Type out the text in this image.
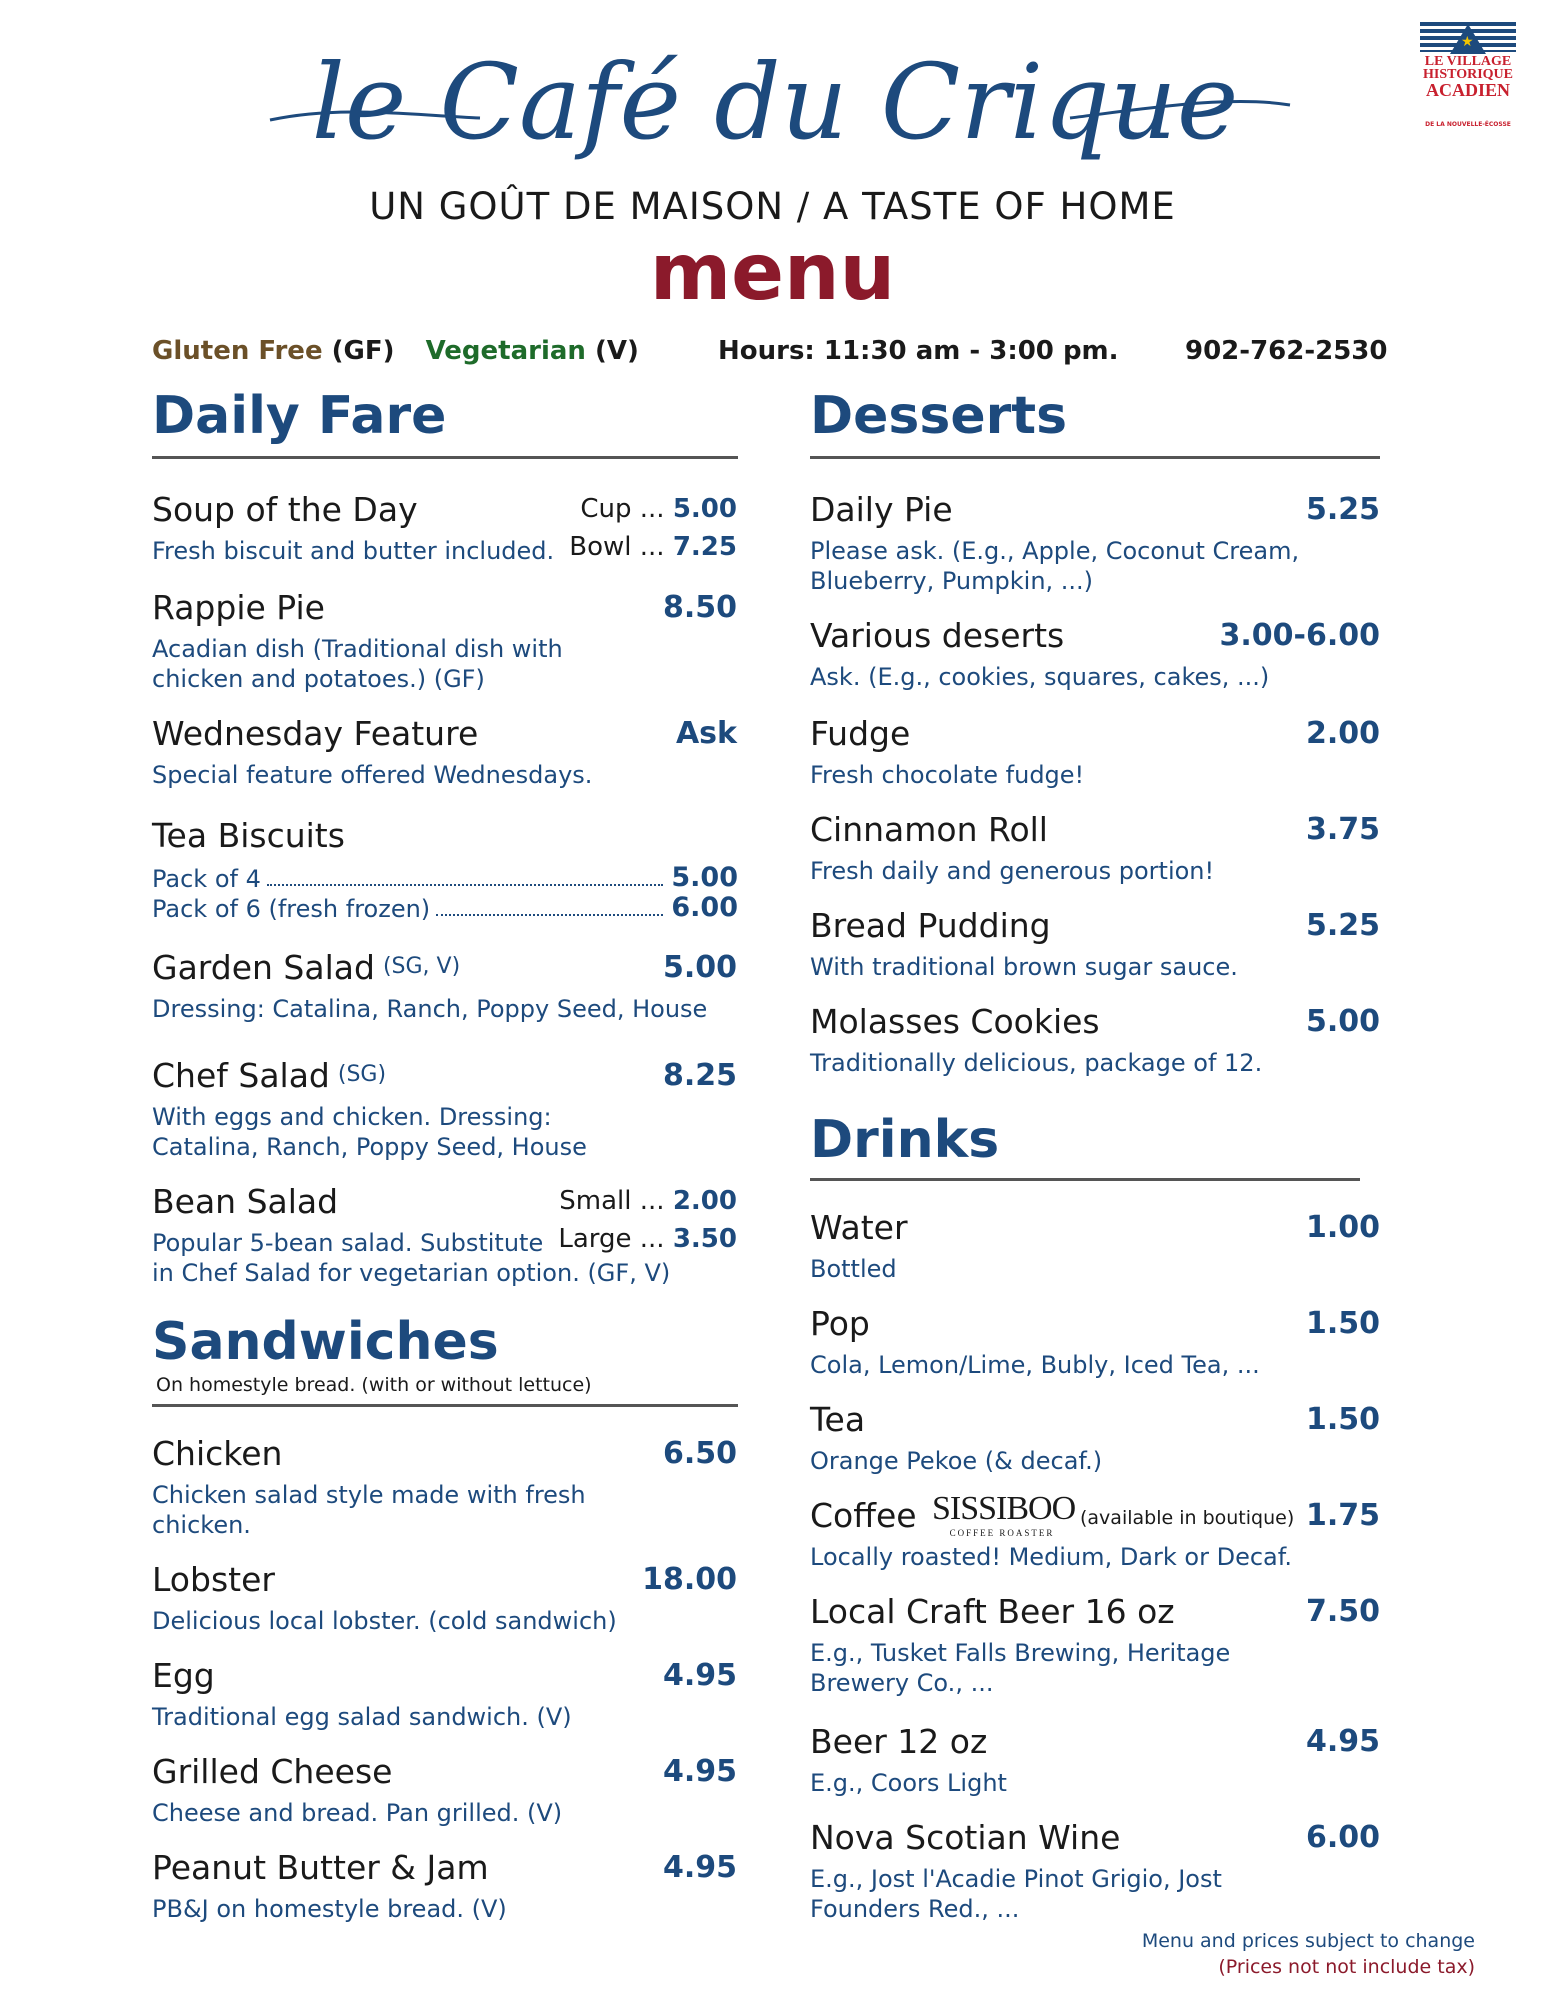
le Café du Crique
UN GOÛT DE MAISON / A TASTE OF HOME
menu
★
LE VILLAGE
HISTORIQUE
ACADIEN
DE LA NOUVELLE-ÉCOSSE
Gluten Free (GF) Vegetarian (V)	Hours: 11:30 am - 3:00 pm.	902-762-2530
Daily Fare
Soup of the Day
Fresh biscuit and butter included.
Cup ... 5.00
Bowl ... 7.25
Rappie Pie	8.50
Acadian dish (Traditional dish with
chicken and potatoes.) (GF)
Wednesday Feature	Ask
Special feature offered Wednesdays.
Tea Biscuits
Pack of 4	5.00
Pack of 6 (fresh frozen)	6.00
Garden Salad (SG, V)	5.00
Dressing: Catalina, Ranch, Poppy Seed, House
Chef Salad (SG)	8.25
With eggs and chicken. Dressing:
Catalina, Ranch, Poppy Seed, House
Bean Salad	Small ... 2.00
Large ... 3.50
Popular 5-bean salad. Substitute
in Chef Salad for vegetarian option. (GF, V)
Sandwiches
On homestyle bread. (with or without lettuce)
Chicken	6.50
Chicken salad style made with fresh
chicken.
Lobster	18.00
Delicious local lobster. (cold sandwich)
Egg	4.95
Traditional egg salad sandwich. (V)
Grilled Cheese	4.95
Cheese and bread. Pan grilled. (V)
Peanut Butter & Jam	4.95
PB&J on homestyle bread. (V)
Desserts
Daily Pie	5.25
Please ask. (E.g., Apple, Coconut Cream,
Blueberry, Pumpkin, ...)
Various deserts	3.00-6.00
Ask. (E.g., cookies, squares, cakes, ...)
Fudge	2.00
Fresh chocolate fudge!
Cinnamon Roll	3.75
Fresh daily and generous portion!
Bread Pudding	5.25
With traditional brown sugar sauce.
Molasses Cookies	5.00
Traditionally delicious, package of 12.
Drinks
Water	1.00
Bottled
Pop	1.50
Cola, Lemon/Lime, Bubly, Iced Tea, ...
Tea	1.50
Orange Pekoe (& decaf.)
Coffee	1.75
Locally roasted! Medium, Dark or Decaf.
Local Craft Beer 16 oz	7.50
E.g., Tusket Falls Brewing, Heritage
Brewery Co., ...
Beer 12 oz	4.95
E.g., Coors Light
Nova Scotian Wine	6.00
E.g., Jost l'Acadie Pinot Grigio, Jost
Founders Red., ...
SISSIBOO
COFFEE ROASTER
(available in boutique)
Menu and prices subject to change
(Prices not not include tax)
